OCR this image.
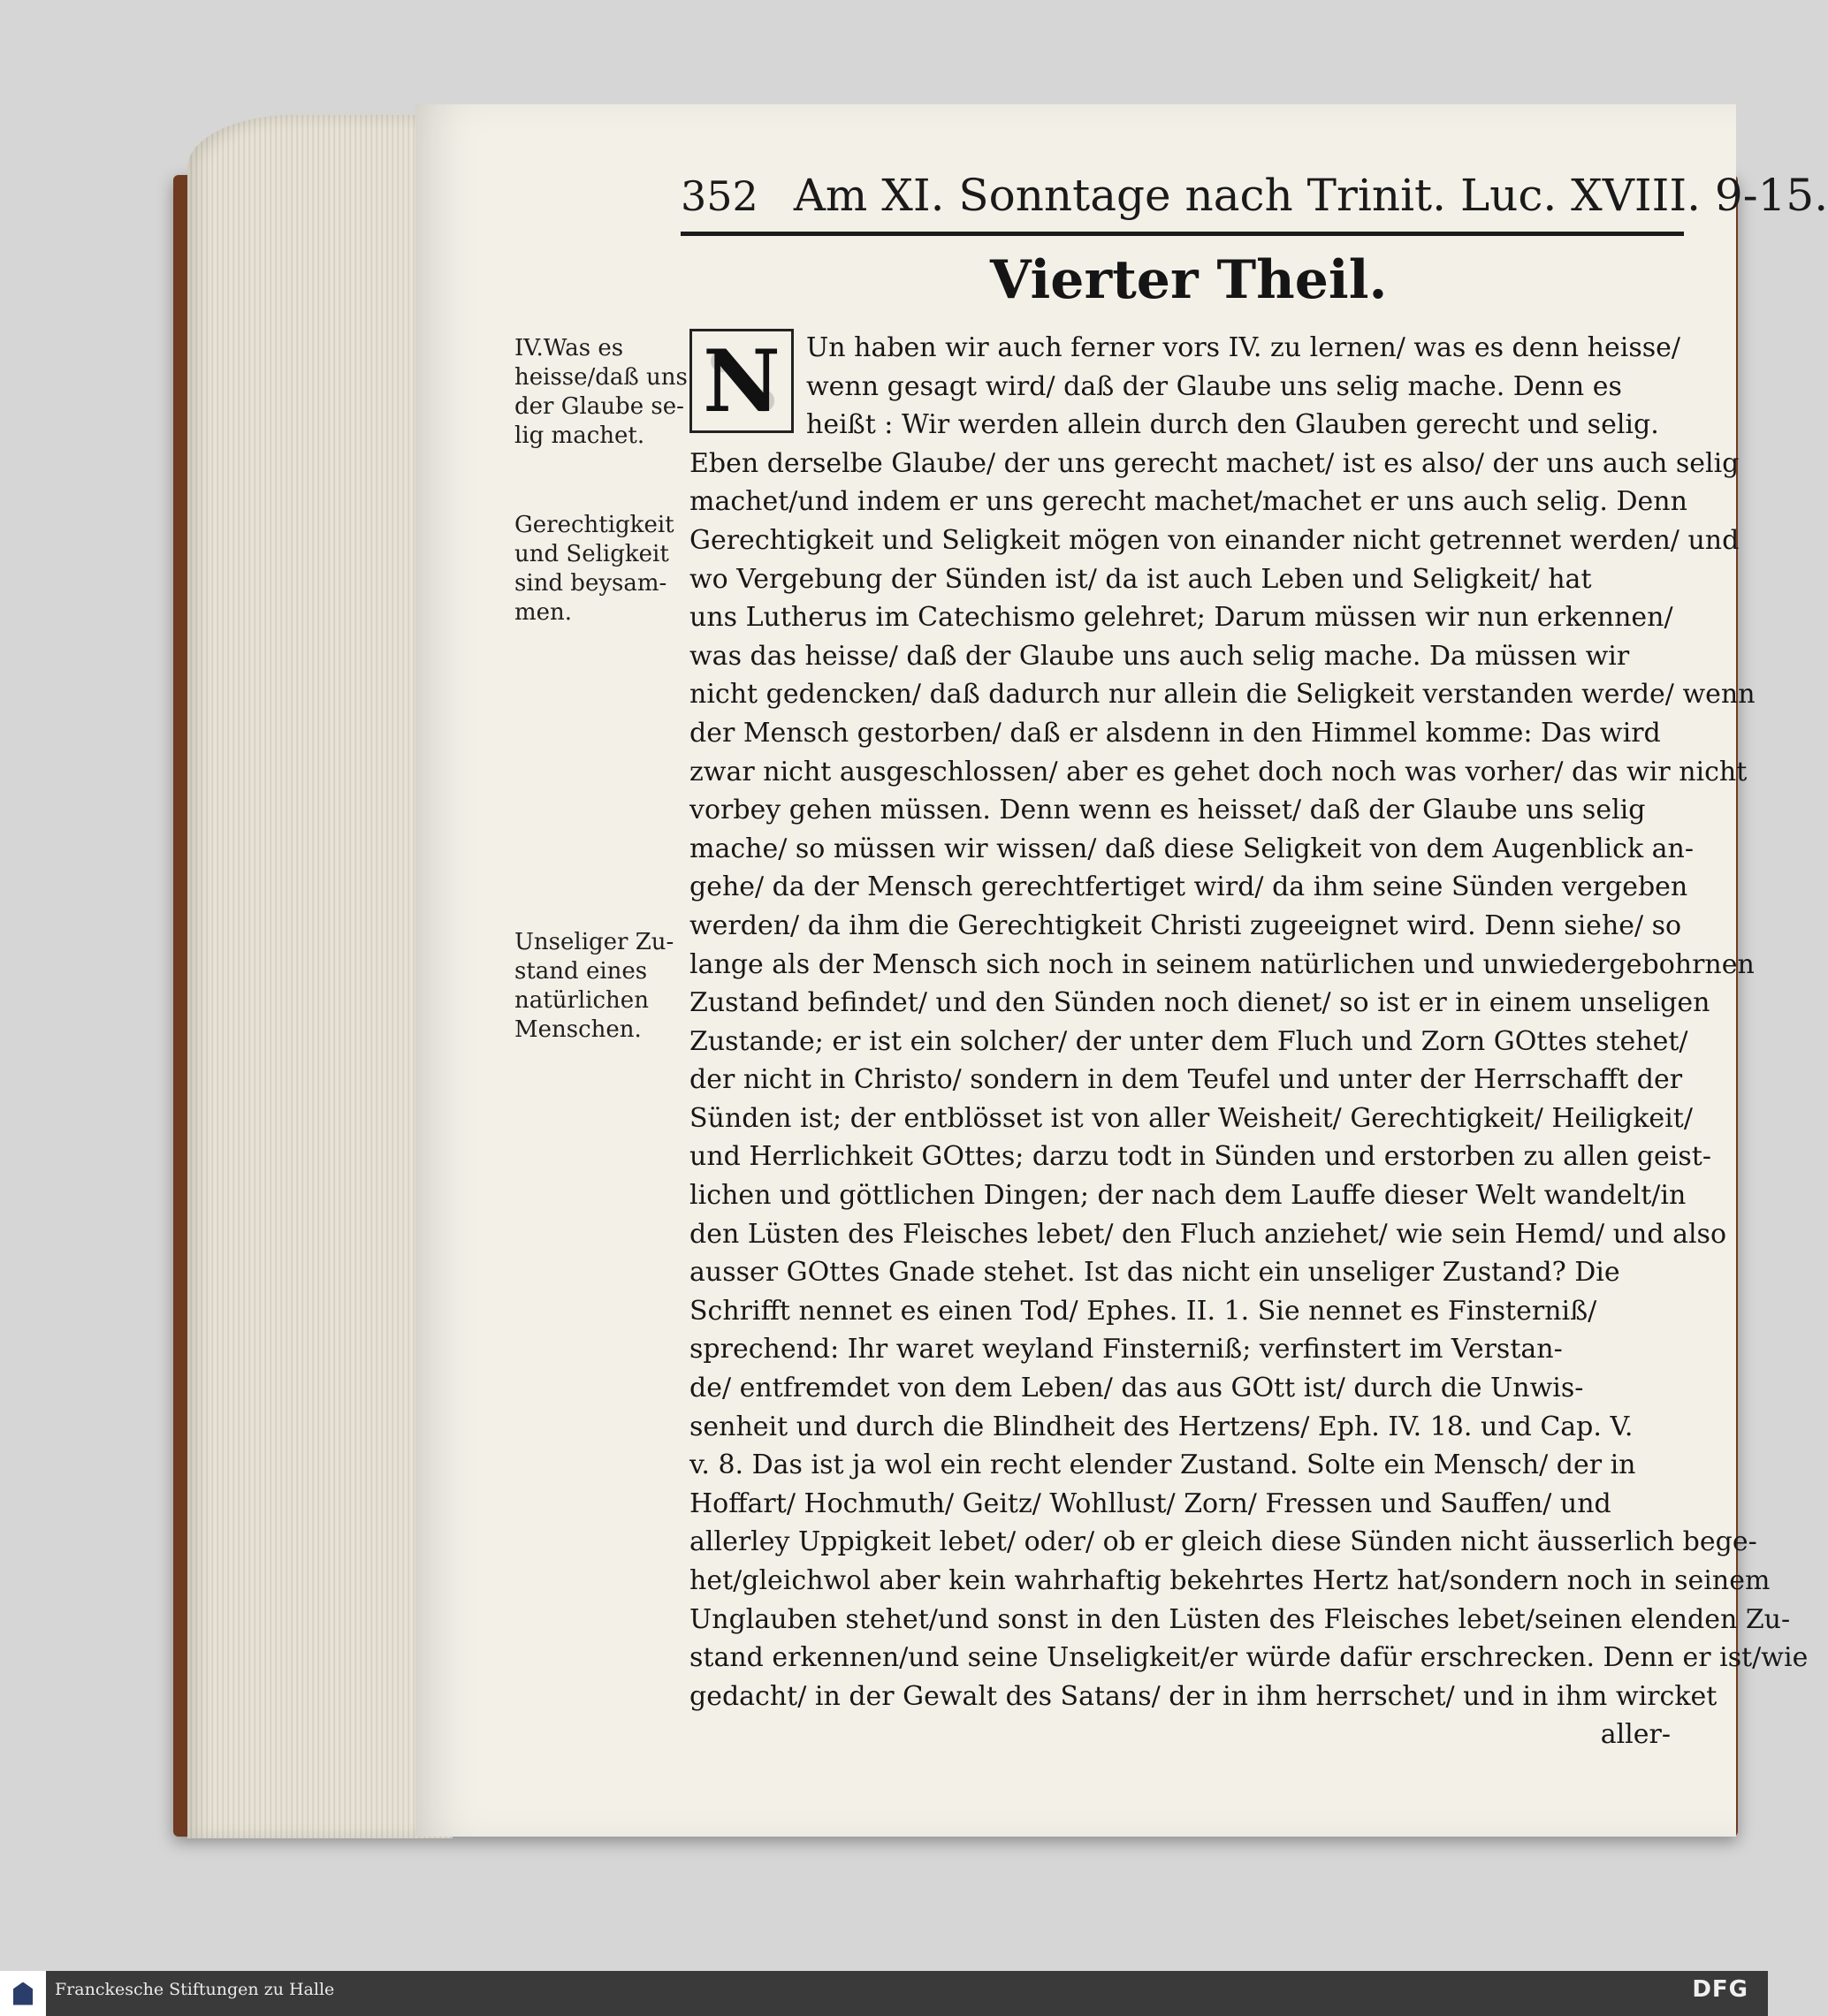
352 Am XI. Sonntage nach Trinit. Luc. XVIII. 9-15.
Vierter Theil.
IV.Was es
heisse/daß uns
der Glaube se-
lig machet.
Gerechtigkeit
und Seligkeit
sind beysam-
men.
Unseliger Zu-
stand eines
natürlichen
Menschen.
Un haben wir auch ferner vors IV. zu lernen/ was es denn heisse/
wenn gesagt wird/ daß der Glaube uns selig mache. Denn es
heißt : Wir werden allein durch den Glauben gerecht und selig.
Eben derselbe Glaube/ der uns gerecht machet/ ist es also/ der uns auch selig
machet/und indem er uns gerecht machet/machet er uns auch selig. Denn
Gerechtigkeit und Seligkeit mögen von einander nicht getrennet werden/ und
wo Vergebung der Sünden ist/ da ist auch Leben und Seligkeit/ hat
uns Lutherus im Catechismo gelehret; Darum müssen wir nun erkennen/
was das heisse/ daß der Glaube uns auch selig mache. Da müssen wir
nicht gedencken/ daß dadurch nur allein die Seligkeit verstanden werde/ wenn
der Mensch gestorben/ daß er alsdenn in den Himmel komme: Das wird
zwar nicht ausgeschlossen/ aber es gehet doch noch was vorher/ das wir nicht
vorbey gehen müssen. Denn wenn es heisset/ daß der Glaube uns selig
mache/ so müssen wir wissen/ daß diese Seligkeit von dem Augenblick an-
gehe/ da der Mensch gerechtfertiget wird/ da ihm seine Sünden vergeben
werden/ da ihm die Gerechtigkeit Christi zugeeignet wird. Denn siehe/ so
lange als der Mensch sich noch in seinem natürlichen und unwiedergebohrnen
Zustand befindet/ und den Sünden noch dienet/ so ist er in einem unseligen
Zustande; er ist ein solcher/ der unter dem Fluch und Zorn GOttes stehet/
der nicht in Christo/ sondern in dem Teufel und unter der Herrschafft der
Sünden ist; der entblösset ist von aller Weisheit/ Gerechtigkeit/ Heiligkeit/
und Herrlichkeit GOttes; darzu todt in Sünden und erstorben zu allen geist-
lichen und göttlichen Dingen; der nach dem Lauffe dieser Welt wandelt/in
den Lüsten des Fleisches lebet/ den Fluch anziehet/ wie sein Hemd/ und also
ausser GOttes Gnade stehet. Ist das nicht ein unseliger Zustand? Die
Schrifft nennet es einen Tod/ Ephes. II. 1. Sie nennet es Finsterniß/
sprechend: Ihr waret weyland Finsterniß; verfinstert im Verstan-
de/ entfremdet von dem Leben/ das aus GOtt ist/ durch die Unwis-
senheit und durch die Blindheit des Hertzens/ Eph. IV. 18. und Cap. V.
v. 8. Das ist ja wol ein recht elender Zustand. Solte ein Mensch/ der in
Hoffart/ Hochmuth/ Geitz/ Wohllust/ Zorn/ Fressen und Sauffen/ und
allerley Uppigkeit lebet/ oder/ ob er gleich diese Sünden nicht äusserlich bege-
het/gleichwol aber kein wahrhaftig bekehrtes Hertz hat/sondern noch in seinem
Unglauben stehet/und sonst in den Lüsten des Fleisches lebet/seinen elenden Zu-
stand erkennen/und seine Unseligkeit/er würde dafür erschrecken. Denn er ist/wie
gedacht/ in der Gewalt des Satans/ der in ihm herrschet/ und in ihm wircket
aller-
N
Franckesche Stiftungen zu Halle	DFG
